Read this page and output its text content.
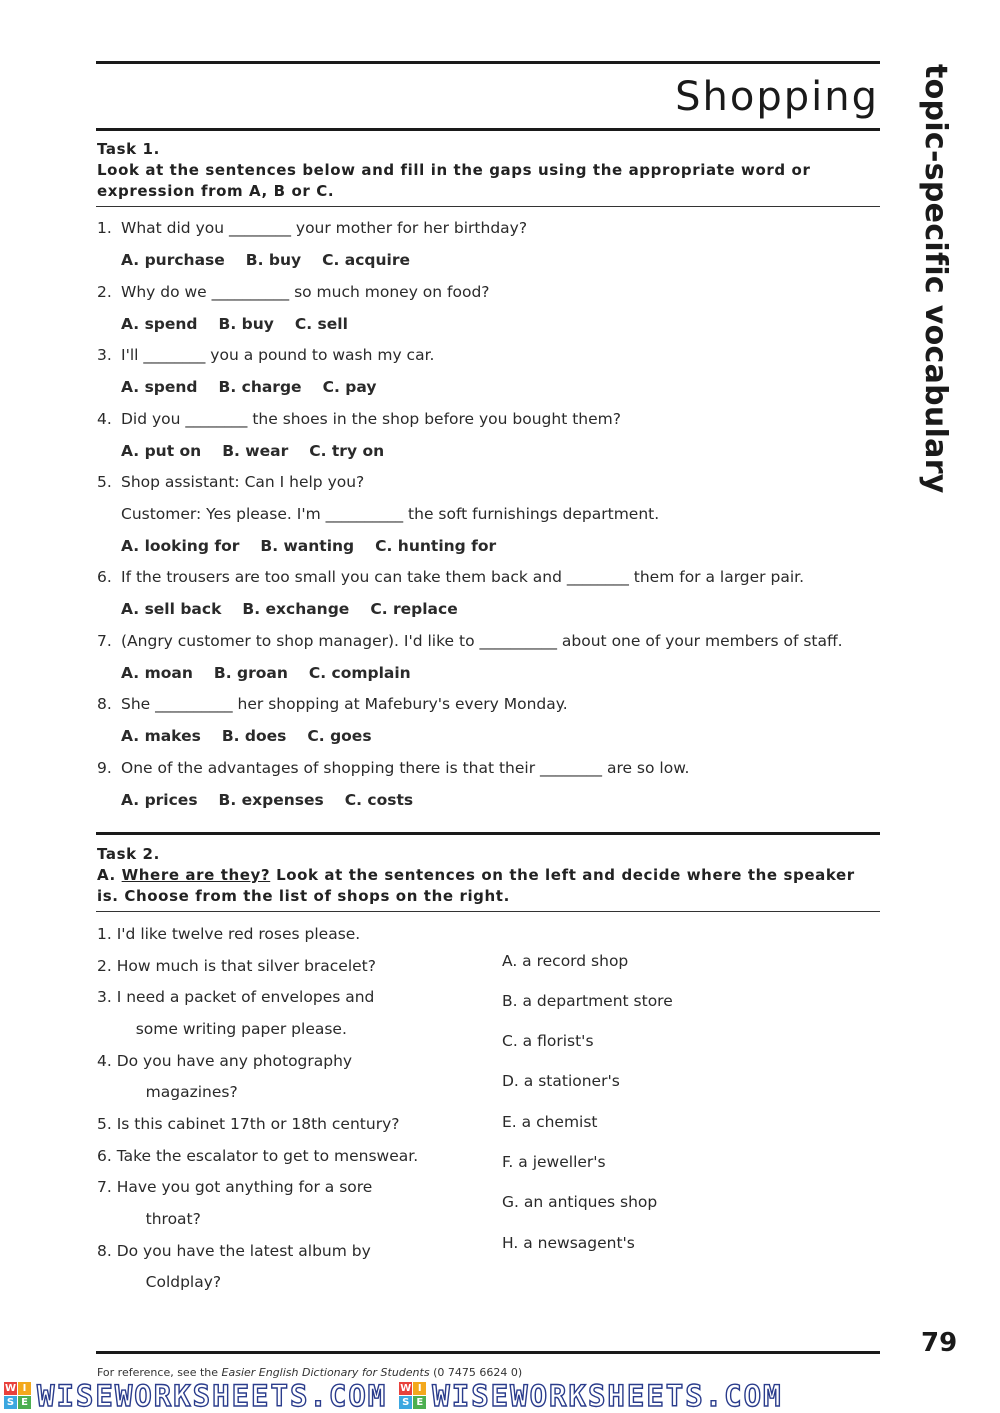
Shopping topic-specific vocabulary
Task 1.
Look at the sentences below and fill in the gaps using the appropriate word or expression from A, B or C.
1. What did you ________ your mother for her birthday?
A. purchase B. buy C. acquire
2. Why do we __________ so much money on food?
A. spend B. buy C. sell
3. I'll ________ you a pound to wash my car.
A. spend B. charge C. pay
4. Did you ________ the shoes in the shop before you bought them?
A. put on B. wear C. try on
5. Shop assistant: Can I help you?
Customer: Yes please. I'm __________ the soft furnishings department.
A. looking for B. wanting C. hunting for
6. If the trousers are too small you can take them back and ________ them for a larger pair.
A. sell back B. exchange C. replace
7. (Angry customer to shop manager). I'd like to __________ about one of your members of staff.
A. moan B. groan C. complain
8. She __________ her shopping at Mafebury's every Monday.
A. makes B. does C. goes
9. One of the advantages of shopping there is that their ________ are so low.
A. prices B. expenses C. costs
Task 2.
A. Where are they? Look at the sentences on the left and decide where the speaker is. Choose from the list of shops on the right.
1. I'd like twelve red roses please.
2. How much is that silver bracelet?
3. I need a packet of envelopes and
some writing paper please.
4. Do you have any photography
magazines?
5. Is this cabinet 17th or 18th century?
6. Take the escalator to get to menswear.
7. Have you got anything for a sore
throat?
8. Do you have the latest album by
Coldplay?
A. a record shop
B. a department store
C. a florist's
D. a stationer's
E. a chemist
F. a jeweller's
G. an antiques shop
H. a newsagent's
79
For reference, see the Easier English Dictionary for Students (0 7475 6624 0)
W I
S E WISEWORKSHEETS.COM W I
S E WISEWORKSHEETS.COM
